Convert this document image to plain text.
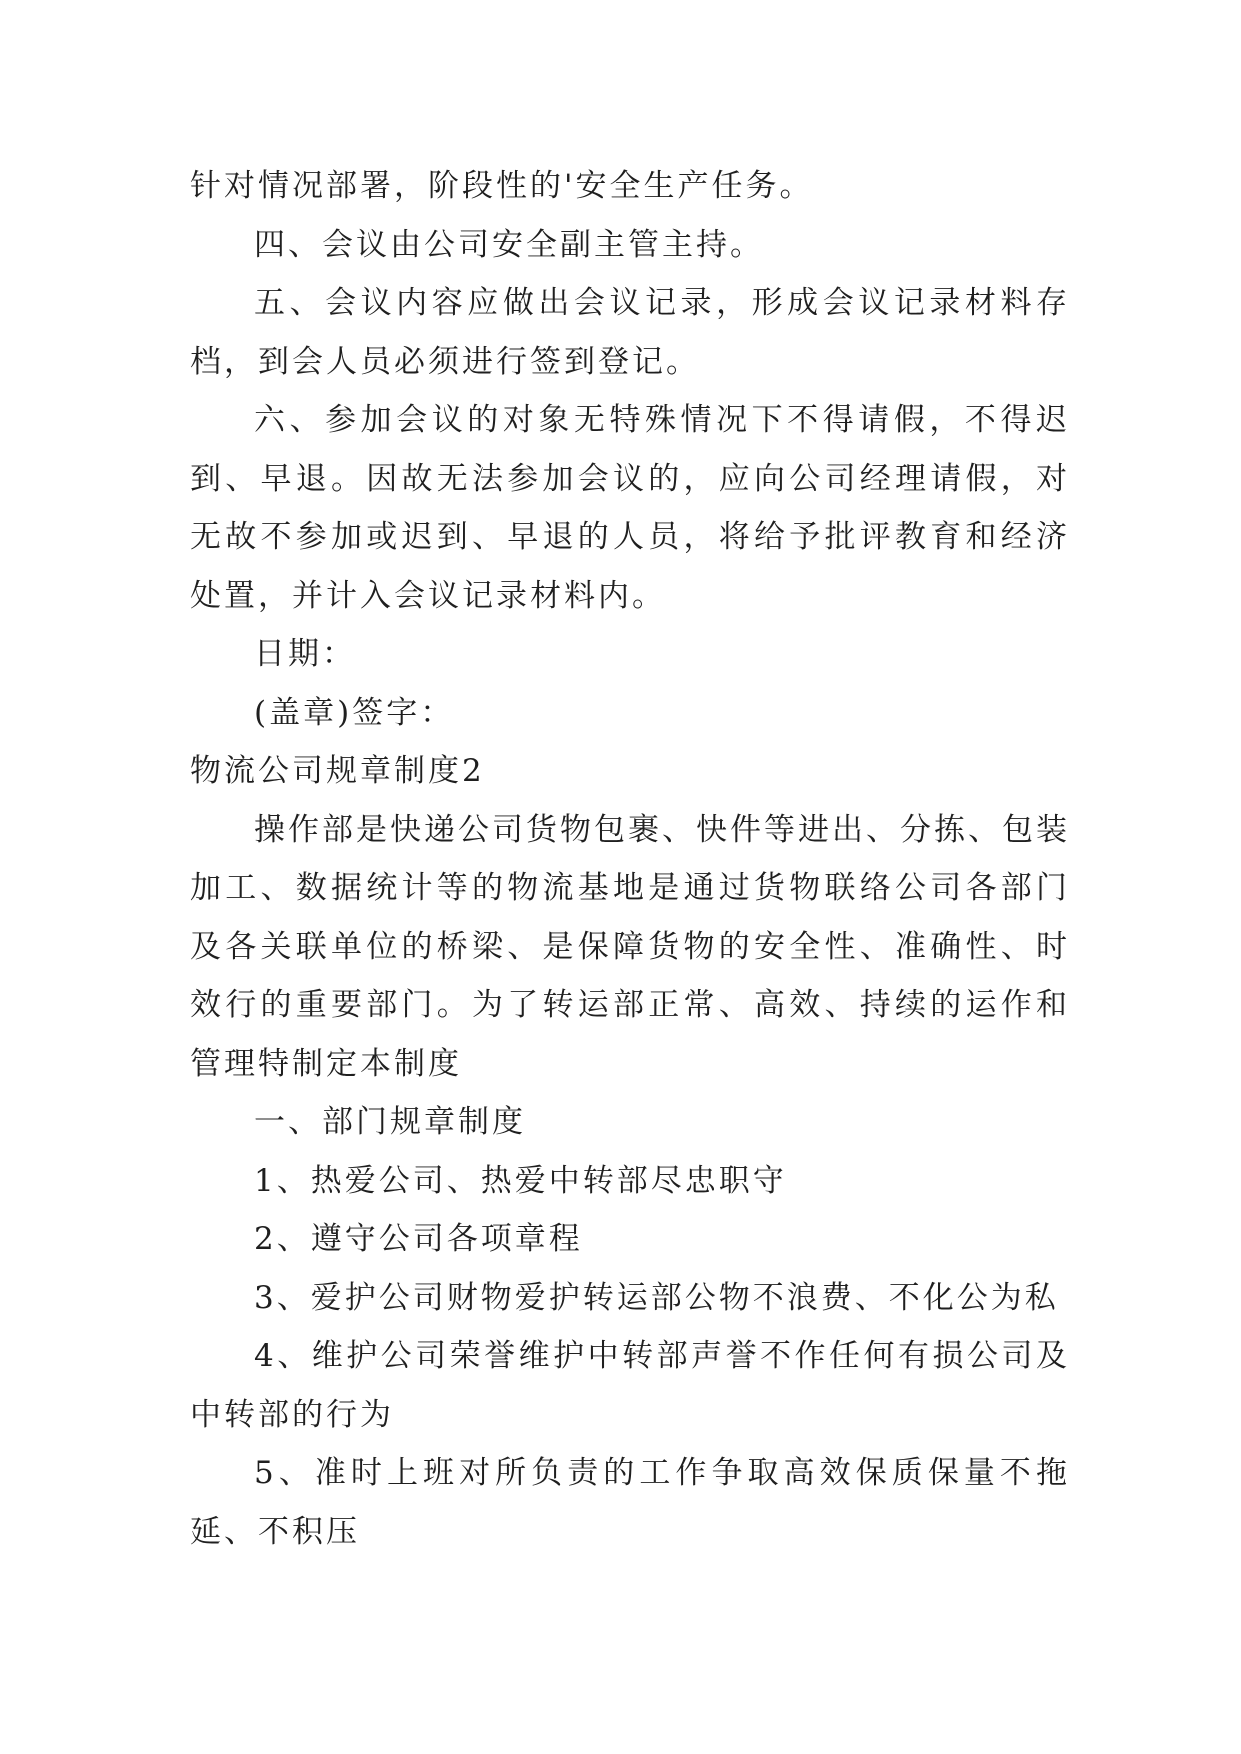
针对情况部署，阶段性的'安全生产任务。

四、会议由公司安全副主管主持。

五、会议内容应做出会议记录，形成会议记录材料存档，到会人员必须进行签到登记。

六、参加会议的对象无特殊情况下不得请假，不得迟到、早退。因故无法参加会议的，应向公司经理请假，对无故不参加或迟到、早退的人员，将给予批评教育和经济处置，并计入会议记录材料内。

日期：

(盖章)签字：

物流公司规章制度2

操作部是快递公司货物包裹、快件等进出、分拣、包装加工、数据统计等的物流基地是通过货物联络公司各部门及各关联单位的桥梁、是保障货物的安全性、准确性、时效行的重要部门。为了转运部正常、高效、持续的运作和管理特制定本制度

一、部门规章制度

1、热爱公司、热爱中转部尽忠职守

2、遵守公司各项章程

3、爱护公司财物爱护转运部公物不浪费、不化公为私

4、维护公司荣誉维护中转部声誉不作任何有损公司及中转部的行为

5、准时上班对所负责的工作争取高效保质保量不拖延、不积压
